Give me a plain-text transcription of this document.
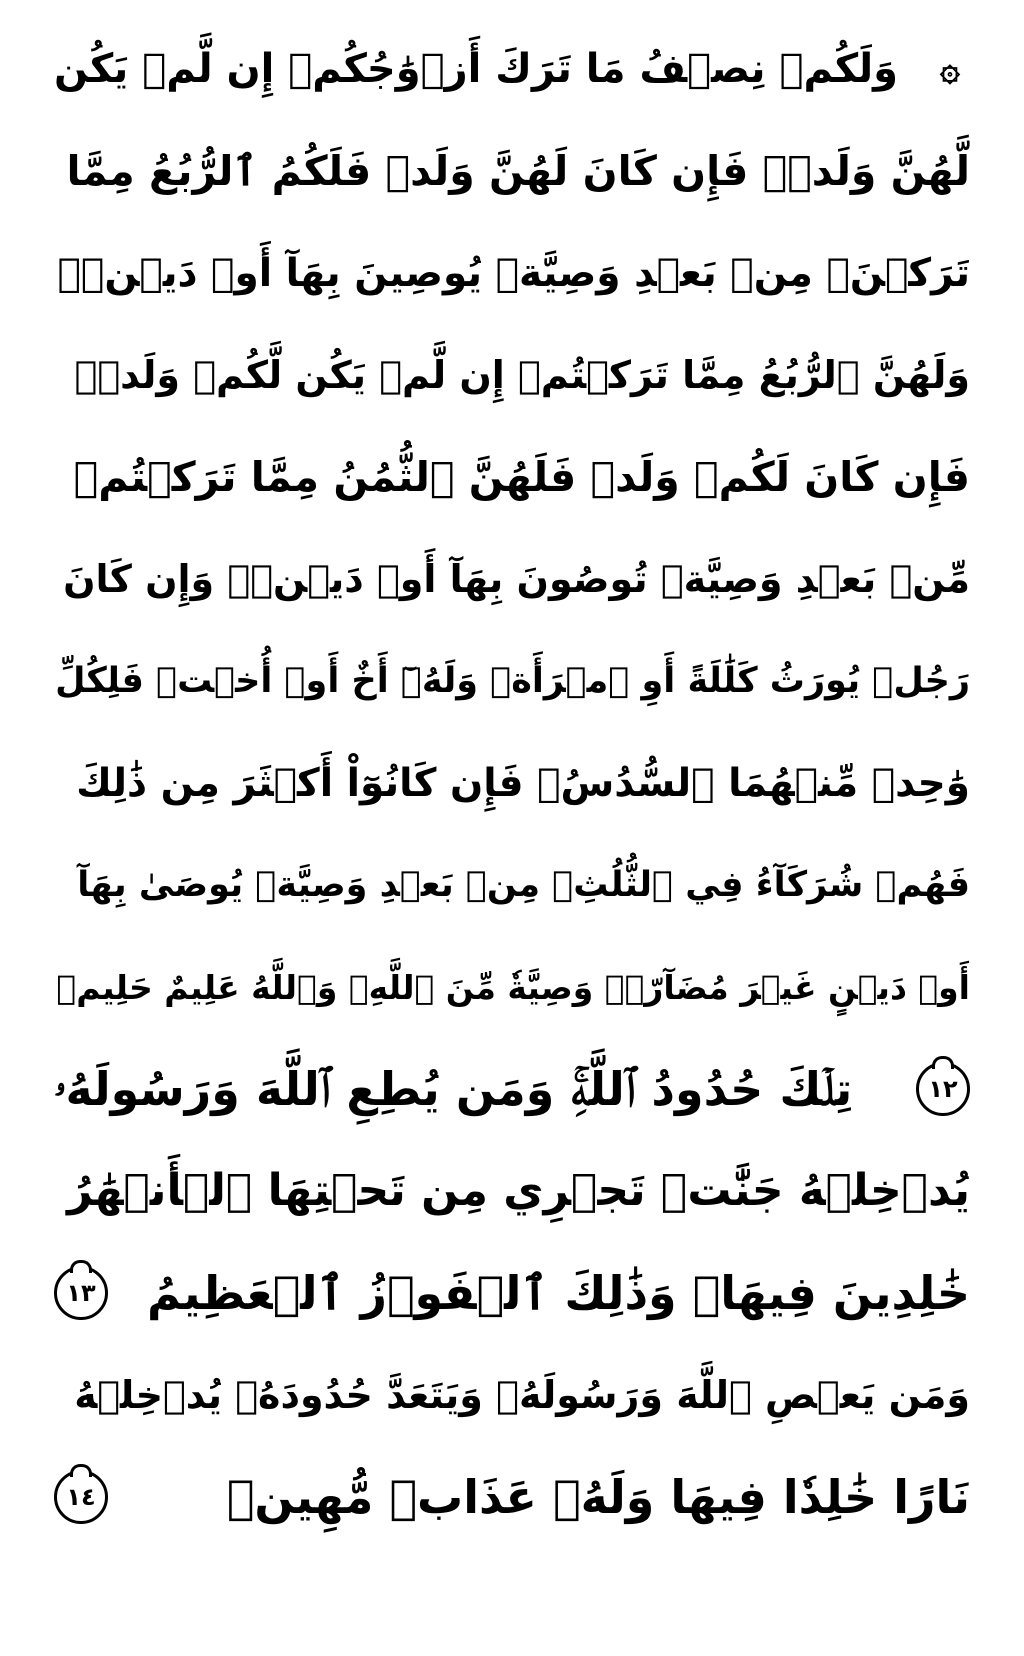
۞
وَلَكُمۡ نِصۡفُ مَا تَرَكَ أَزۡوَٰجُكُمۡ إِن لَّمۡ يَكُن
لَّهُنَّ وَلَدٞۚ فَإِن كَانَ لَهُنَّ وَلَدٞ فَلَكُمُ ٱلرُّبُعُ مِمَّا
تَرَكۡنَۚ مِنۢ بَعۡدِ وَصِيَّةٖ يُوصِينَ بِهَآ أَوۡ دَيۡنٖۚ
وَلَهُنَّ ٱلرُّبُعُ مِمَّا تَرَكۡتُمۡ إِن لَّمۡ يَكُن لَّكُمۡ وَلَدٞۚ
فَإِن كَانَ لَكُمۡ وَلَدٞ فَلَهُنَّ ٱلثُّمُنُ مِمَّا تَرَكۡتُمۚ
مِّنۢ بَعۡدِ وَصِيَّةٖ تُوصُونَ بِهَآ أَوۡ دَيۡنٖۗ وَإِن كَانَ
رَجُلٞ يُورَثُ كَلَٰلَةً أَوِ ٱمۡرَأَةٞ وَلَهُۥٓ أَخٌ أَوۡ أُخۡتٞ فَلِكُلِّ
وَٰحِدٖ مِّنۡهُمَا ٱلسُّدُسُۚ فَإِن كَانُوٓاْ أَكۡثَرَ مِن ذَٰلِكَ
فَهُمۡ شُرَكَآءُ فِي ٱلثُّلُثِۚ مِنۢ بَعۡدِ وَصِيَّةٖ يُوصَىٰ بِهَآ
أَوۡ دَيۡنٍ غَيۡرَ مُضَآرّٖۚ وَصِيَّةٗ مِّنَ ٱللَّهِۗ وَٱللَّهُ عَلِيمٌ حَلِيمٞ
١٢
تِلۡكَ حُدُودُ ٱللَّهِۚ وَمَن يُطِعِ ٱللَّهَ وَرَسُولَهُۥ
يُدۡخِلۡهُ جَنَّٰتٖ تَجۡرِي مِن تَحۡتِهَا ٱلۡأَنۡهَٰرُ
خَٰلِدِينَ فِيهَاۚ وَذَٰلِكَ ٱلۡفَوۡزُ ٱلۡعَظِيمُ
١٣
وَمَن يَعۡصِ ٱللَّهَ وَرَسُولَهُۥ وَيَتَعَدَّ حُدُودَهُۥ يُدۡخِلۡهُ
نَارًا خَٰلِدٗا فِيهَا وَلَهُۥ عَذَابٞ مُّهِينٞ
١٤
